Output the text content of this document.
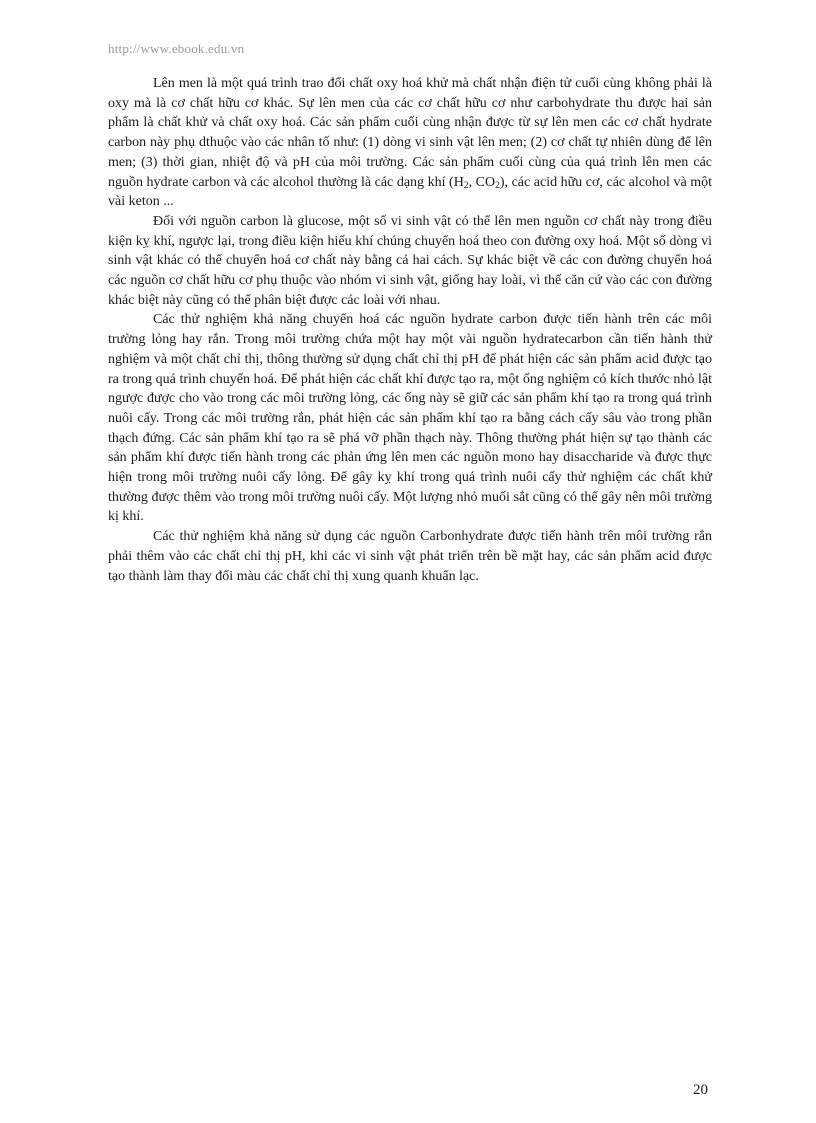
http://www.ebook.edu.vn

Lên men là một quá trình trao đổi chất oxy hoá khử mà chất nhận điện tử cuối cùng không phải là oxy mà là cơ chất hữu cơ khác. Sự lên men của các cơ chất hữu cơ như carbohydrate thu được hai sản phẩm là chất khử và chất oxy hoá. Các sản phẩm cuối cùng nhận được từ sự lên men các cơ chất hydrate carbon này phụ dthuộc vào các nhân tố như: (1) dòng vi sinh vật lên men; (2) cơ chất tự nhiên dùng để lên men; (3) thời gian, nhiệt độ và pH của môi trường. Các sản phẩm cuối cùng của quá trình lên men các nguồn hydrate carbon và các alcohol thường là các dạng khí ($H_2$, $CO_2$), các acid hữu cơ, các alcohol và một vài keton ...

Đối với nguồn carbon là glucose, một số vi sinh vật có thể lên men nguồn cơ chất này trong điều kiện kỵ khí, ngược lại, trong điều kiện hiếu khí chúng chuyển hoá theo con đường oxy hoá. Một số dòng vi sinh vật khác có thể chuyển hoá cơ chất này bằng cả hai cách. Sự khác biệt về các con đường chuyển hoá các nguồn cơ chất hữu cơ phụ thuộc vào nhóm vi sinh vật, giống hay loài, vì thế căn cứ vào các con đường khác biệt này cũng có thể phân biệt được các loài với nhau.

Các thử nghiệm khả năng chuyển hoá các nguồn hydrate carbon được tiến hành trên các môi trường lỏng hay rắn. Trong môi trường chứa một hay một vài nguồn hydratecarbon cần tiến hành thử nghiệm và một chất chỉ thị, thông thường sử dụng chất chỉ thị pH để phát hiện các sản phẩm acid được tạo ra trong quá trình chuyển hoá. Để phát hiện các chất khí được tạo ra, một ống nghiệm có kích thước nhỏ lật ngược được cho vào trong các môi trường lỏng, các ống này sẽ giữ các sản phẩm khí tạo ra trong quá trình nuôi cấy. Trong các môi trường rắn, phát hiện các sản phẩm khí tạo ra bằng cách cấy sâu vào trong phần thạch đứng. Các sản phẩm khí tạo ra sẽ phá vỡ phần thạch này. Thông thường phát hiện sự tạo thành các sản phẩm khí được tiến hành trong các phản ứng lên men các nguồn mono hay disaccharide và được thực hiện trong môi trường nuôi cấy lỏng. Để gây kỵ khí trong quá trình nuôi cấy thử nghiệm các chất khử thường được thêm vào trong môi trường nuôi cấy. Một lượng nhỏ muối sắt cũng có thể gây nên môi trường kị khí.

Các thử nghiệm khả năng sử dụng các nguồn Carbonhydrate được tiến hành trên môi trường rắn phải thêm vào các chất chỉ thị pH, khi các vi sinh vật phát triển trên bề mặt hay, các sản phẩm acid được tạo thành làm thay đổi màu các chất chỉ thị xung quanh khuẩn lạc.

20
